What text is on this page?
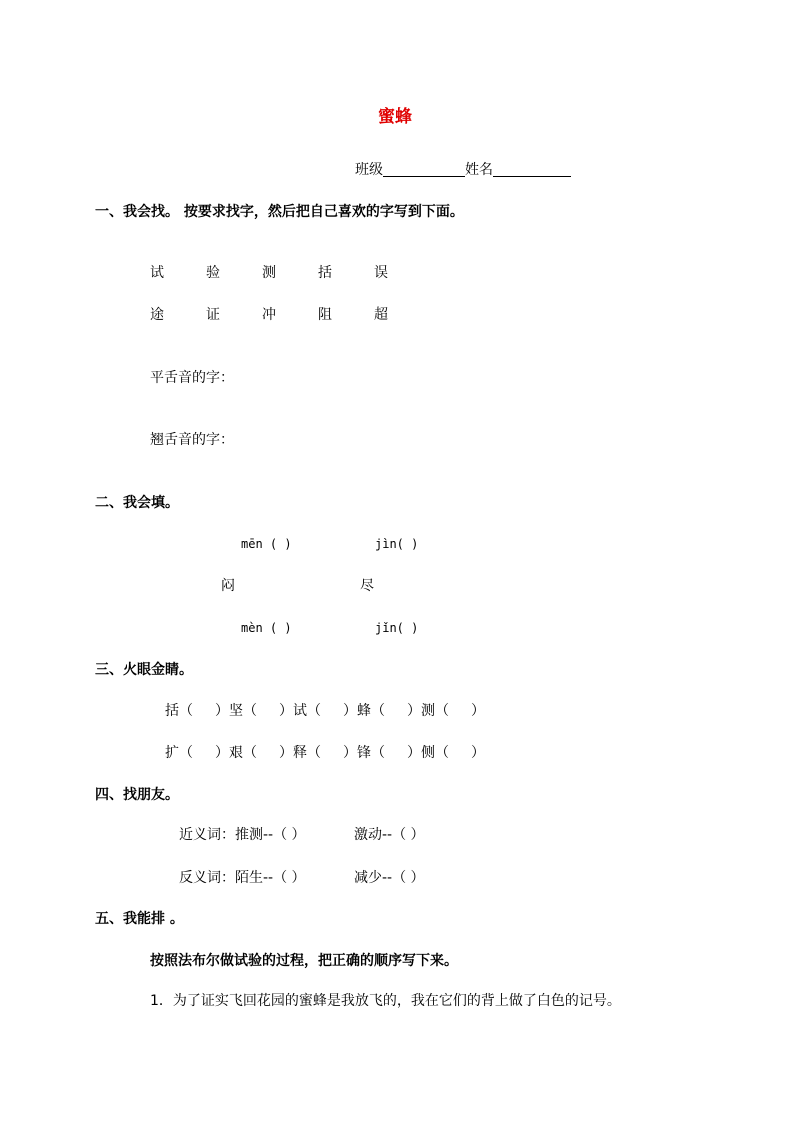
蜜蜂
班级	姓名
一、我会找。 按要求找字，然后把自己喜欢的字写到下面。
试	验	测	括	误
途	证	冲	阻	超
平舌音的字：
翘舌音的字：
二、我会填。
mēn ( )	jìn( )
闷	尽
mèn ( )	jǐn( )
三、火眼金睛。
括（ ）坚（ ）试（ ）蜂（ ）测（ ）
扩（ ）艰（ ）释（ ）锋（ ）侧（ ）
四、找朋友。
近义词： 推测--（ ）	激动--（ ）
反义词： 陌生--（ ）	减少--（ ）
五、我能排 。
按照法布尔做试验的过程，把正确的顺序写下来。
1．为了证实飞回花园的蜜蜂是我放飞的，我在它们的背上做了白色的记号。
